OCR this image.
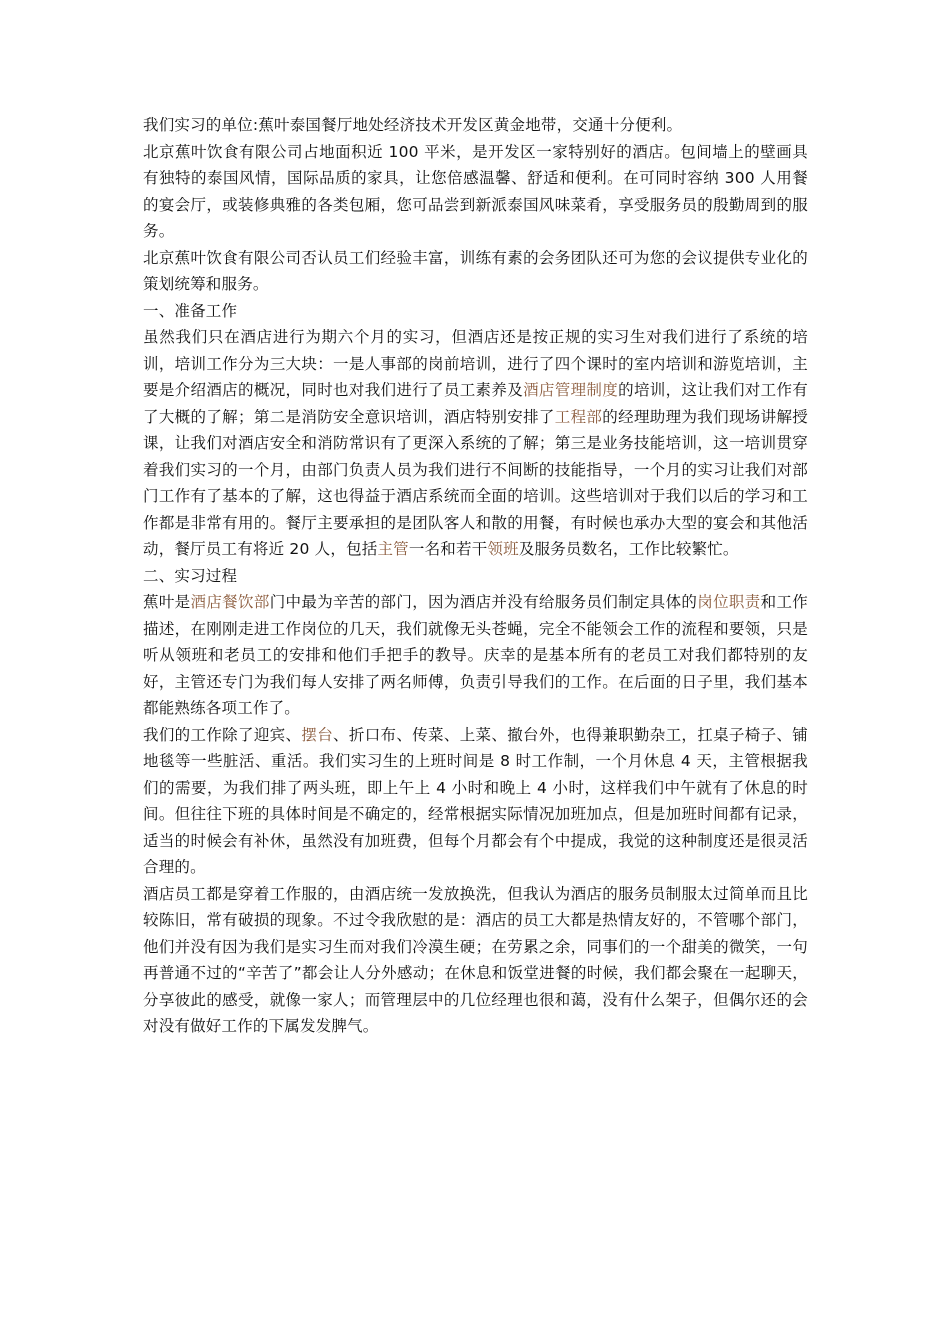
我们实习的单位:蕉叶泰国餐厅地处经济技术开发区黄金地带，交通十分便利。

北京蕉叶饮食有限公司占地面积近 100 平米，是开发区一家特别好的酒店。包间墙上的壁画具有独特的泰国风情，国际品质的家具，让您倍感温馨、舒适和便利。在可同时容纳 300 人用餐的宴会厅，或装修典雅的各类包厢，您可品尝到新派泰国风味菜肴，享受服务员的殷勤周到的服务。

北京蕉叶饮食有限公司否认员工们经验丰富，训练有素的会务团队还可为您的会议提供专业化的策划统筹和服务。

一、准备工作

虽然我们只在酒店进行为期六个月的实习，但酒店还是按正规的实习生对我们进行了系统的培训，培训工作分为三大块：一是人事部的岗前培训，进行了四个课时的室内培训和游览培训，主要是介绍酒店的概况，同时也对我们进行了员工素养及酒店管理制度的培训，这让我们对工作有了大概的了解；第二是消防安全意识培训，酒店特别安排了工程部的经理助理为我们现场讲解授课，让我们对酒店安全和消防常识有了更深入系统的了解；第三是业务技能培训，这一培训贯穿着我们实习的一个月，由部门负责人员为我们进行不间断的技能指导，一个月的实习让我们对部门工作有了基本的了解，这也得益于酒店系统而全面的培训。这些培训对于我们以后的学习和工作都是非常有用的。餐厅主要承担的是团队客人和散的用餐，有时候也承办大型的宴会和其他活动，餐厅员工有将近 20 人，包括主管一名和若干领班及服务员数名，工作比较繁忙。

二、实习过程

蕉叶是酒店餐饮部门中最为辛苦的部门，因为酒店并没有给服务员们制定具体的岗位职责和工作描述，在刚刚走进工作岗位的几天，我们就像无头苍蝇，完全不能领会工作的流程和要领，只是听从领班和老员工的安排和他们手把手的教导。庆幸的是基本所有的老员工对我们都特别的友好，主管还专门为我们每人安排了两名师傅，负责引导我们的工作。在后面的日子里，我们基本都能熟练各项工作了。

我们的工作除了迎宾、摆台、折口布、传菜、上菜、撤台外，也得兼职勤杂工，扛桌子椅子、铺地毯等一些脏活、重活。我们实习生的上班时间是 8 时工作制，一个月休息 4 天，主管根据我们的需要，为我们排了两头班，即上午上 4 小时和晚上 4 小时，这样我们中午就有了休息的时间。但往往下班的具体时间是不确定的，经常根据实际情况加班加点，但是加班时间都有记录，适当的时候会有补休，虽然没有加班费，但每个月都会有个中提成，我觉的这种制度还是很灵活合理的。

酒店员工都是穿着工作服的，由酒店统一发放换洗，但我认为酒店的服务员制服太过简单而且比较陈旧，常有破损的现象。不过令我欣慰的是：酒店的员工大都是热情友好的，不管哪个部门，他们并没有因为我们是实习生而对我们冷漠生硬；在劳累之余，同事们的一个甜美的微笑，一句再普通不过的“辛苦了”都会让人分外感动；在休息和饭堂进餐的时候，我们都会聚在一起聊天，分享彼此的感受，就像一家人；而管理层中的几位经理也很和蔼，没有什么架子，但偶尔还的会对没有做好工作的下属发发脾气。
